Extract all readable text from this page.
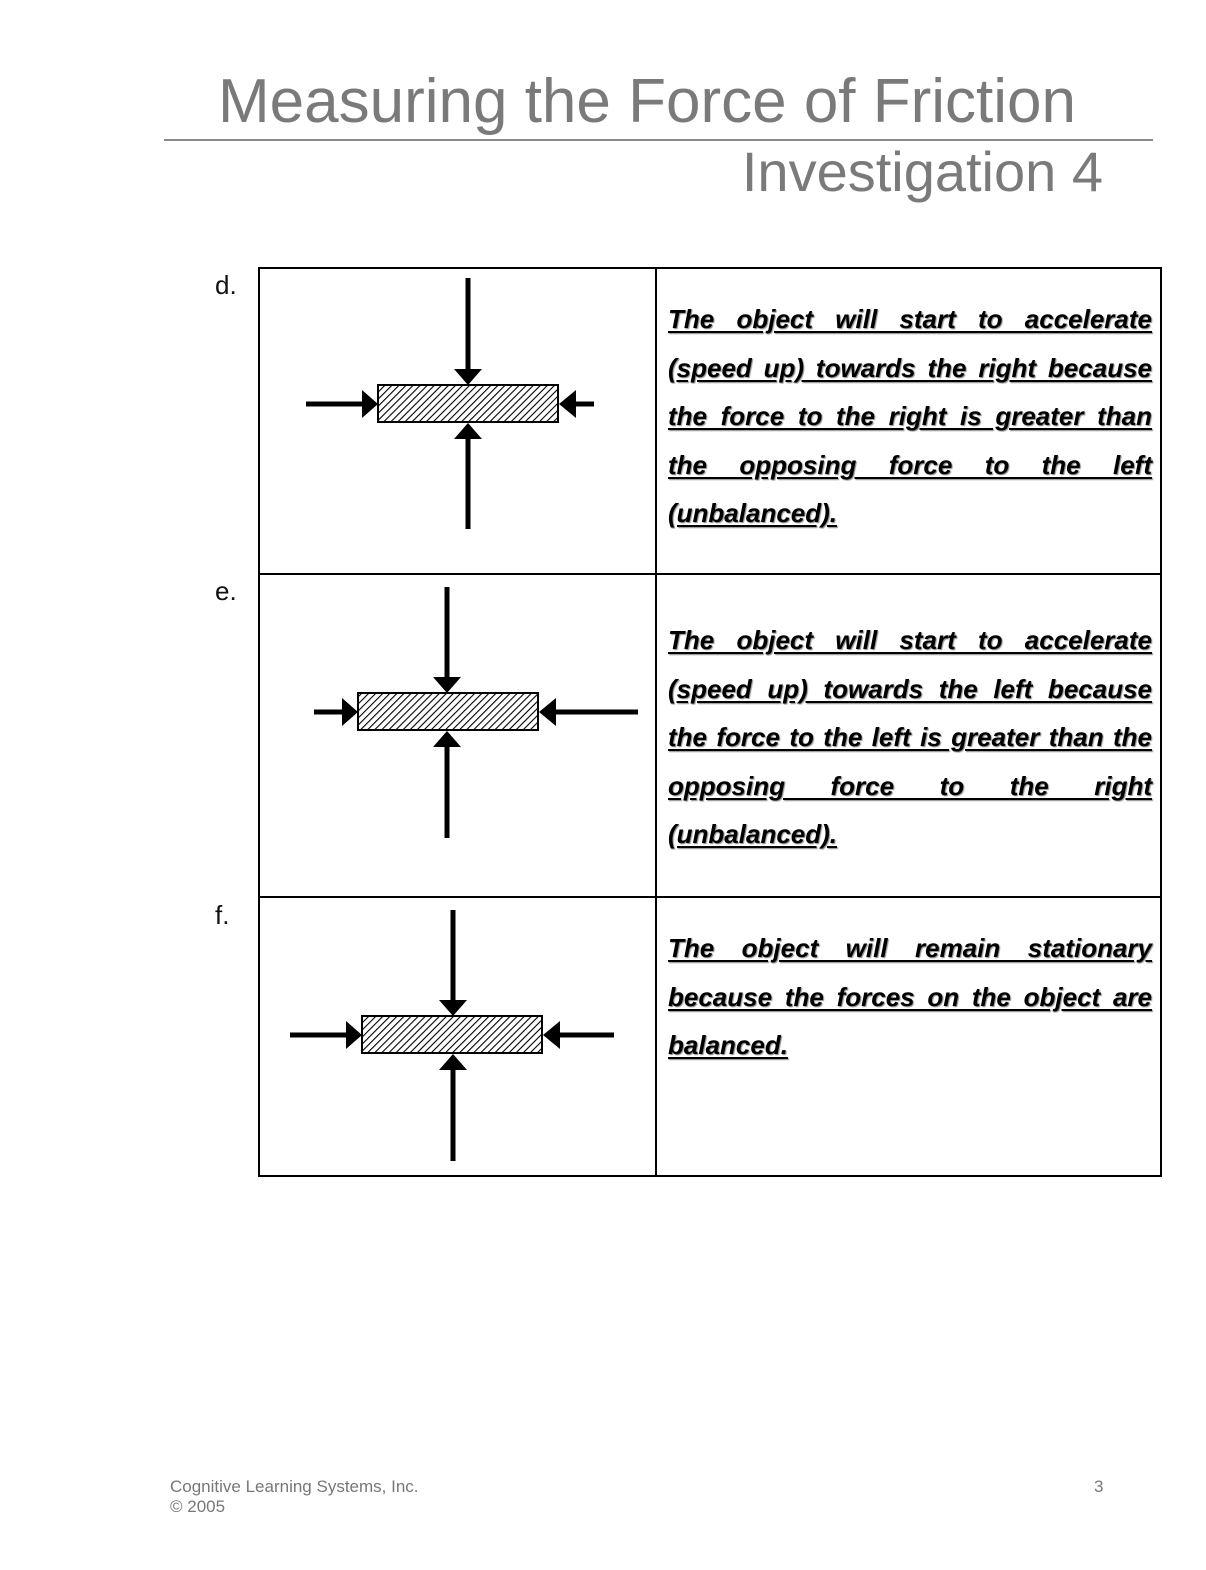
Measuring the Force of Friction
Investigation 4
d.
e.
f.
The object will start to accelerate (speed up) towards the right because the force to the right is greater than the opposing force to the left (unbalanced).
The object will start to accelerate (speed up) towards the left because the force to the left is greater than the opposing force to the right (unbalanced).
The object will remain stationary because the forces on the object are balanced.
Cognitive Learning Systems, Inc.
© 2005
3
